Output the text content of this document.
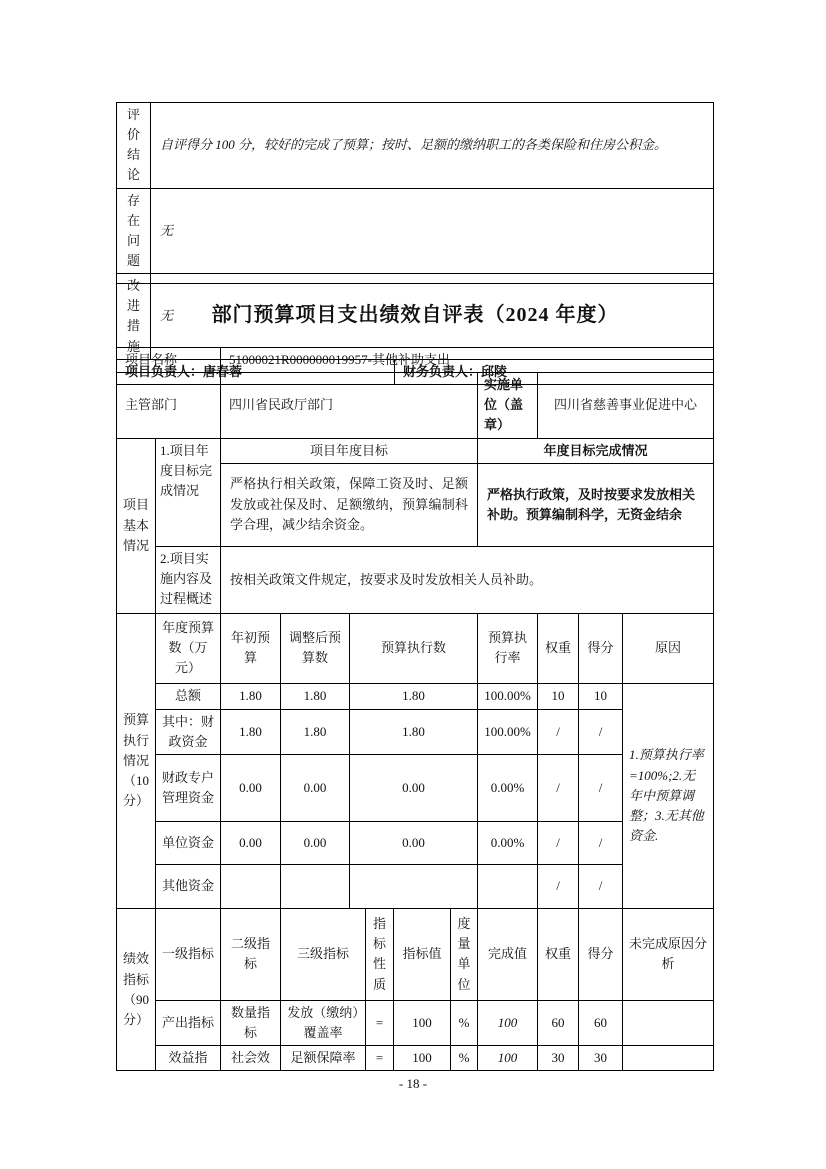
评价结论	自评得分 100 分，较好的完成了预算；按时、足额的缴纳职工的各类保险和住房公积金。	
存在问题	无	
改进措施	无	
项目负责人：唐春蓉		财务负责人：邱陵
部门预算项目支出绩效自评表（2024 年度）											
项目名称		51000021R000000019957-其他补助支出									
主管部门		四川省民政厅部门						实施单位（盖章）	四川省慈善事业促进中心		
项目基本情况	1.项目年度目标完成情况	项目年度目标						年度目标完成情况			
		严格执行相关政策，保障工资及时、足额发放或社保及时、足额缴纳，预算编制科学合理，减少结余资金。						严格执行政策，及时按要求发放相关补助。预算编制科学，无资金结余			
	2.项目实施内容及过程概述	按相关政策文件规定，按要求及时发放相关人员补助。									
预算执行情况（10分）	年度预算数（万元）	年初预算	调整后预算数	预算执行数				预算执行率	权重	得分	原因
	总额	1.80	1.80	1.80				100.00%	10	10	1.预算执行率=100%;2.无年中预算调整；3.无其他资金.
	其中：财政资金	1.80	1.80	1.80				100.00%	/	/	
	财政专户管理资金	0.00	0.00	0.00				0.00%	/	/	
	单位资金	0.00	0.00	0.00				0.00%	/	/	
	其他资金								/	/	
绩效指标（90分）	一级指标	二级指标	三级指标		指标性质	指标值	度量单位	完成值	权重	得分	未完成原因分析
	产出指标	数量指标	发放（缴纳）覆盖率		=	100	%	100	60	60	
	效益指	社会效	足额保障率		=	100	%	100	30	30	
- 18 -
